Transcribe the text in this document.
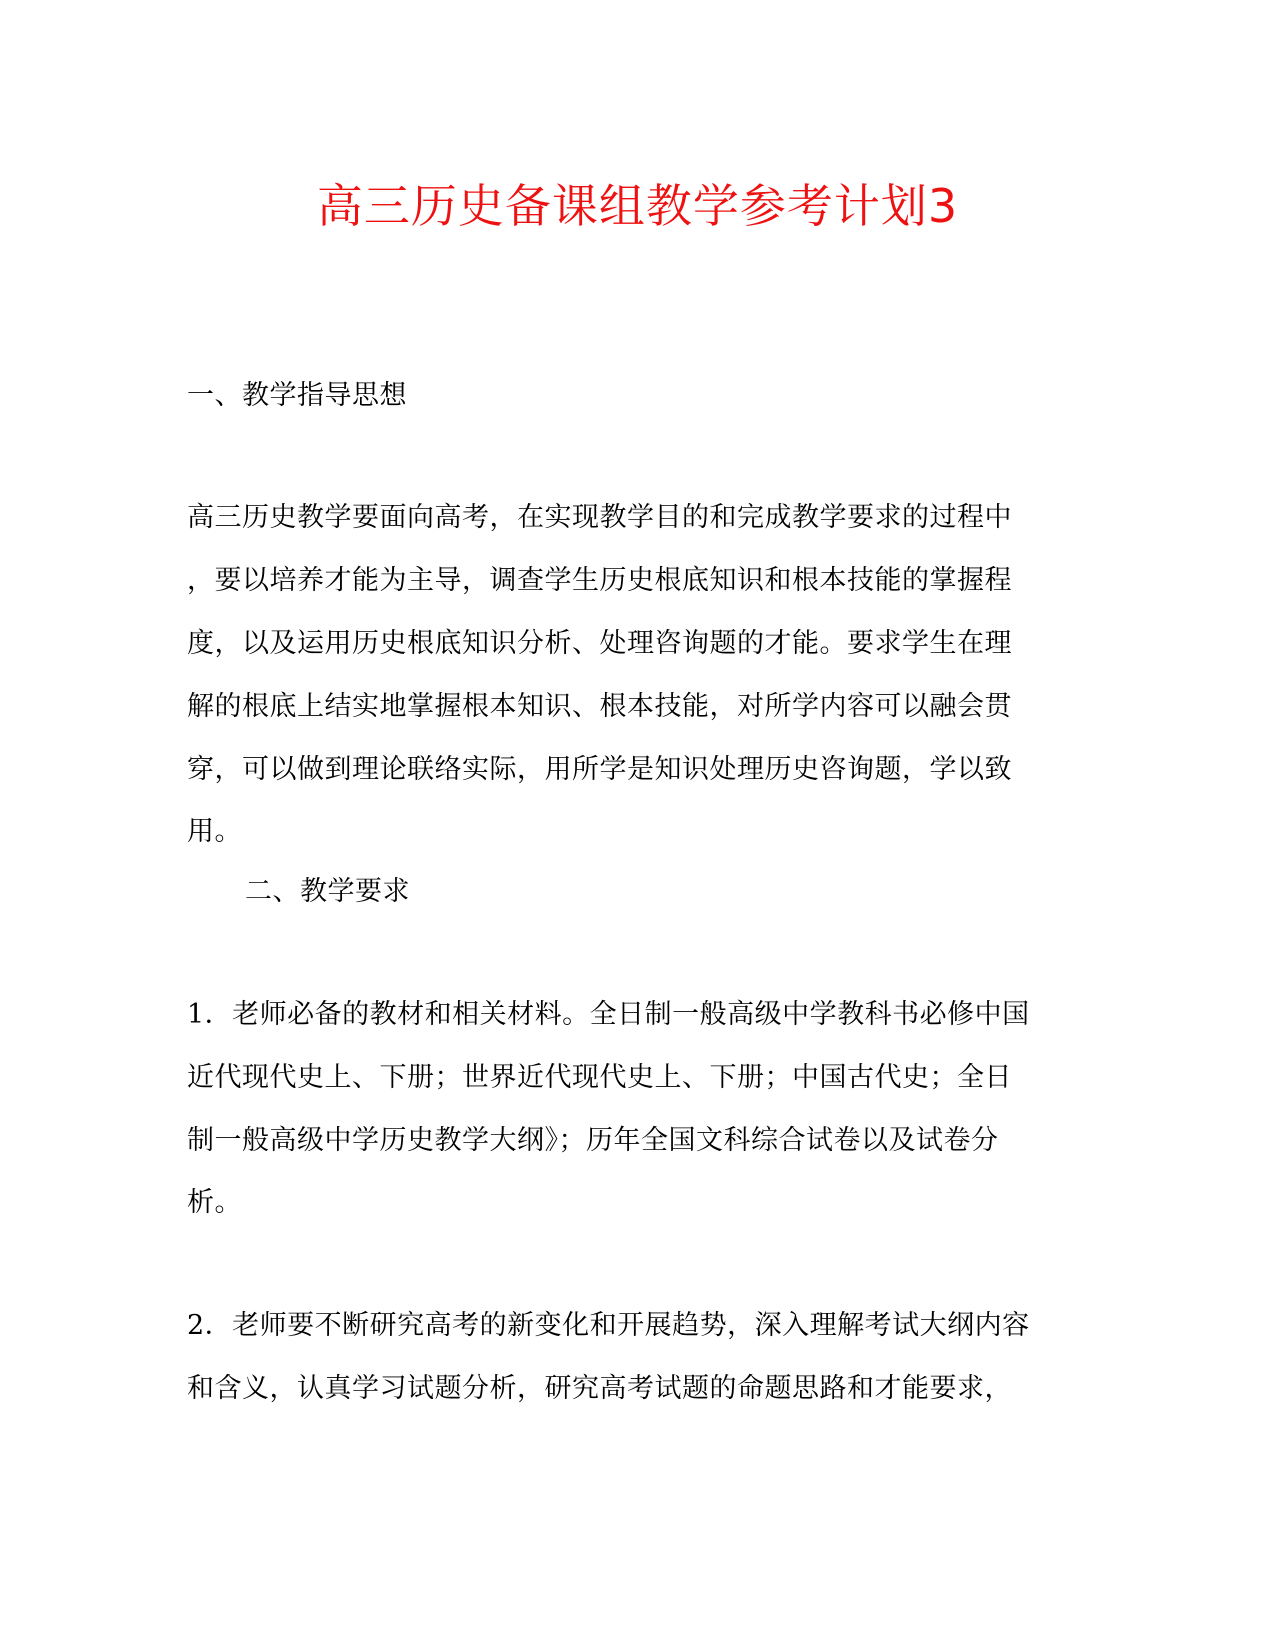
高三历史备课组教学参考计划3
一、教学指导思想
高三历史教学要面向高考，在实现教学目的和完成教学要求的过程中
，要以培养才能为主导，调查学生历史根底知识和根本技能的掌握程
度，以及运用历史根底知识分析、处理咨询题的才能。要求学生在理
解的根底上结实地掌握根本知识、根本技能，对所学内容可以融会贯
穿，可以做到理论联络实际，用所学是知识处理历史咨询题，学以致
用。
二、教学要求
1．老师必备的教材和相关材料。全日制一般高级中学教科书必修中国
近代现代史上、下册；世界近代现代史上、下册；中国古代史；全日
制一般高级中学历史教学大纲》；历年全国文科综合试卷以及试卷分
析。
2．老师要不断研究高考的新变化和开展趋势，深入理解考试大纲内容
和含义，认真学习试题分析，研究高考试题的命题思路和才能要求，
